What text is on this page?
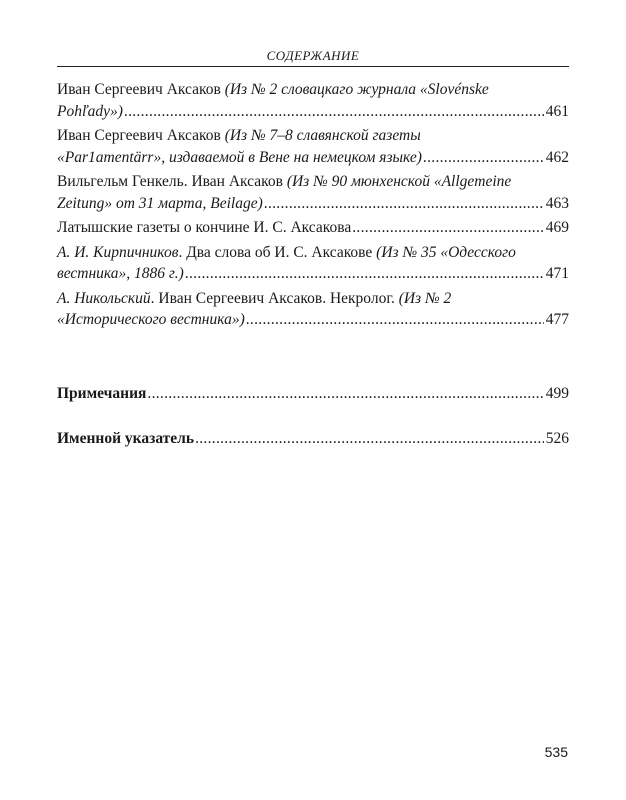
СОДЕРЖАНИЕ
Иван Сергеевич Аксаков (Из № 2 словацкаго журнала «Slovénske
Pohľady») .....	461
Иван Сергеевич Аксаков (Из № 7–8 славянской газеты
«Par1amentärr», издаваемой в Вене на немецком языке) .....	462
Вильгельм Генкель. Иван Аксаков (Из № 90 мюнхенской «Allgemeine
Zeitung» от 31 марта, Beilage) .....	463
Латышские газеты о кончине И. С. Аксакова .....	469
А. И. Кирпичников. Два слова об И. С. Аксакове (Из № 35 «Одесского
вестника», 1886 г.) .....	471
А. Никольский. Иван Сергеевич Аксаков. Некролог. (Из № 2
«Исторического вестника») .....	477
Примечания .....	499
Именной указатель .....	526
535
